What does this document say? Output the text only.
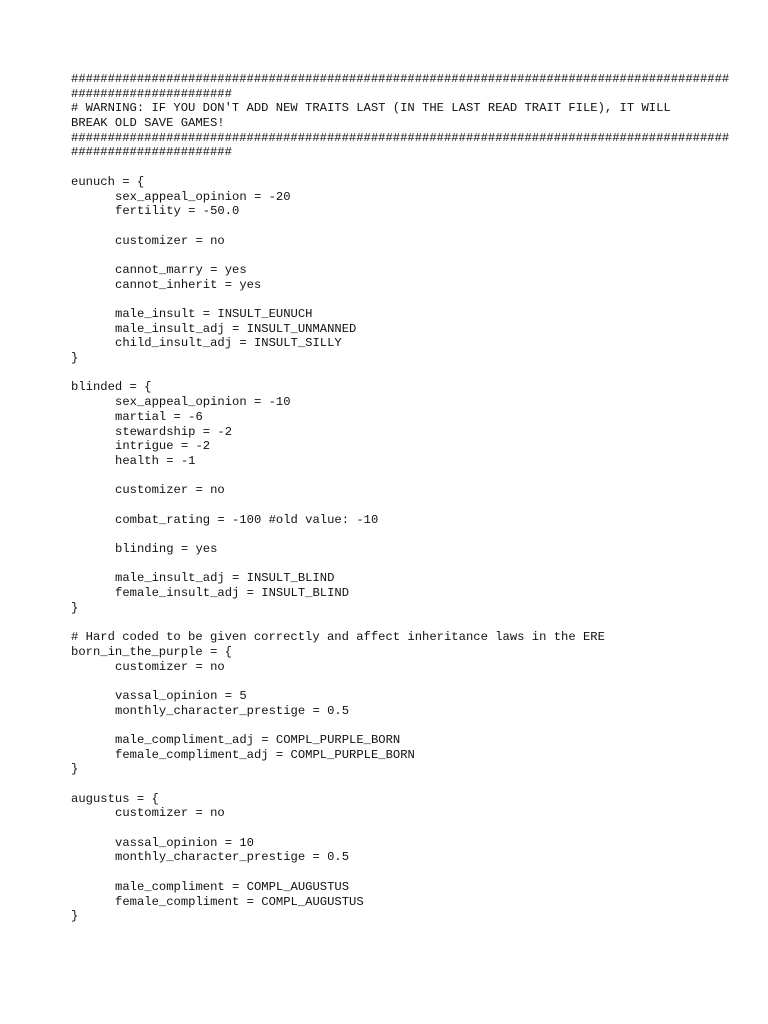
##########################################################################################
######################
# WARNING: IF YOU DON'T ADD NEW TRAITS LAST (IN THE LAST READ TRAIT FILE), IT WILL
BREAK OLD SAVE GAMES!
##########################################################################################
######################
eunuch = {
sex_appeal_opinion = -20
fertility = -50.0
customizer = no
cannot_marry = yes
cannot_inherit = yes
male_insult = INSULT_EUNUCH
male_insult_adj = INSULT_UNMANNED
child_insult_adj = INSULT_SILLY
}
blinded = {
sex_appeal_opinion = -10
martial = -6
stewardship = -2
intrigue = -2
health = -1
customizer = no
combat_rating = -100 #old value: -10
blinding = yes
male_insult_adj = INSULT_BLIND
female_insult_adj = INSULT_BLIND
}
# Hard coded to be given correctly and affect inheritance laws in the ERE
born_in_the_purple = {
customizer = no
vassal_opinion = 5
monthly_character_prestige = 0.5
male_compliment_adj = COMPL_PURPLE_BORN
female_compliment_adj = COMPL_PURPLE_BORN
}
augustus = {
customizer = no
vassal_opinion = 10
monthly_character_prestige = 0.5
male_compliment = COMPL_AUGUSTUS
female_compliment = COMPL_AUGUSTUS
}
